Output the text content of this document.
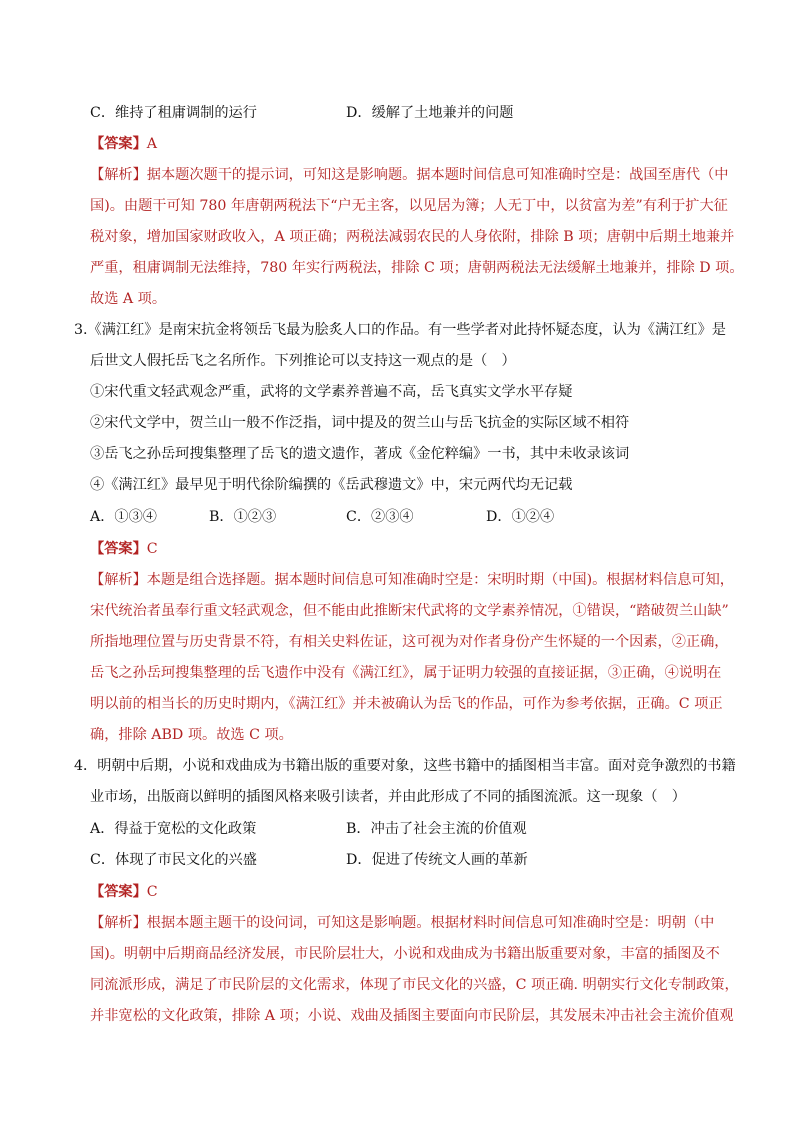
C．维持了租庸调制的运行	D．缓解了土地兼并的问题
【答案】A
【解析】据本题次题干的提示词，可知这是影响题。据本题时间信息可知准确时空是：战国至唐代（中
国)。由题干可知 780 年唐朝两税法下“户无主客，以见居为簿；人无丁中，以贫富为差”有利于扩大征
税对象，增加国家财政收入，A 项正确；两税法减弱农民的人身依附，排除 B 项；唐朝中后期土地兼并
严重，租庸调制无法维持，780 年实行两税法，排除 C 项；唐朝两税法无法缓解土地兼并，排除 D 项。
故选 A 项。
3.《满江红》是南宋抗金将领岳飞最为脍炙人口的作品。有一些学者对此持怀疑态度，认为《满江红》是
后世文人假托岳飞之名所作。下列推论可以支持这一观点的是（　）
①宋代重文轻武观念严重，武将的文学素养普遍不高，岳飞真实文学水平存疑
②宋代文学中，贺兰山一般不作泛指，词中提及的贺兰山与岳飞抗金的实际区域不相符
③岳飞之孙岳珂搜集整理了岳飞的遗文遗作，著成《金佗粹编》一书，其中未收录该词
④《满江红》最早见于明代徐阶编撰的《岳武穆遗文》中，宋元两代均无记载
A．①③④	B．①②③	C．②③④	D．①②④
【答案】C
【解析】本题是组合选择题。据本题时间信息可知准确时空是：宋明时期（中国)。根据材料信息可知，
宋代统治者虽奉行重文轻武观念，但不能由此推断宋代武将的文学素养情况，①错误，“踏破贺兰山缺”
所指地理位置与历史背景不符，有相关史料佐证，这可视为对作者身份产生怀疑的一个因素，②正确，
岳飞之孙岳珂搜集整理的岳飞遗作中没有《满江红》，属于证明力较强的直接证据，③正确，④说明在
明以前的相当长的历史时期内，《满江红》并未被确认为岳飞的作品，可作为参考依据，正确。C 项正
确，排除 ABD 项。故选 C 项。
4．明朝中后期，小说和戏曲成为书籍出版的重要对象，这些书籍中的插图相当丰富。面对竞争激烈的书籍
业市场，出版商以鲜明的插图风格来吸引读者，并由此形成了不同的插图流派。这一现象（　）
A．得益于宽松的文化政策	B．冲击了社会主流的价值观
C．体现了市民文化的兴盛	D．促进了传统文人画的革新
【答案】C
【解析】根据本题主题干的设问词，可知这是影响题。根据材料时间信息可知准确时空是：明朝（中
国)。明朝中后期商品经济发展，市民阶层壮大，小说和戏曲成为书籍出版重要对象，丰富的插图及不
同流派形成，满足了市民阶层的文化需求，体现了市民文化的兴盛，C 项正确. 明朝实行文化专制政策，
并非宽松的文化政策，排除 A 项；小说、戏曲及插图主要面向市民阶层，其发展未冲击社会主流价值观
